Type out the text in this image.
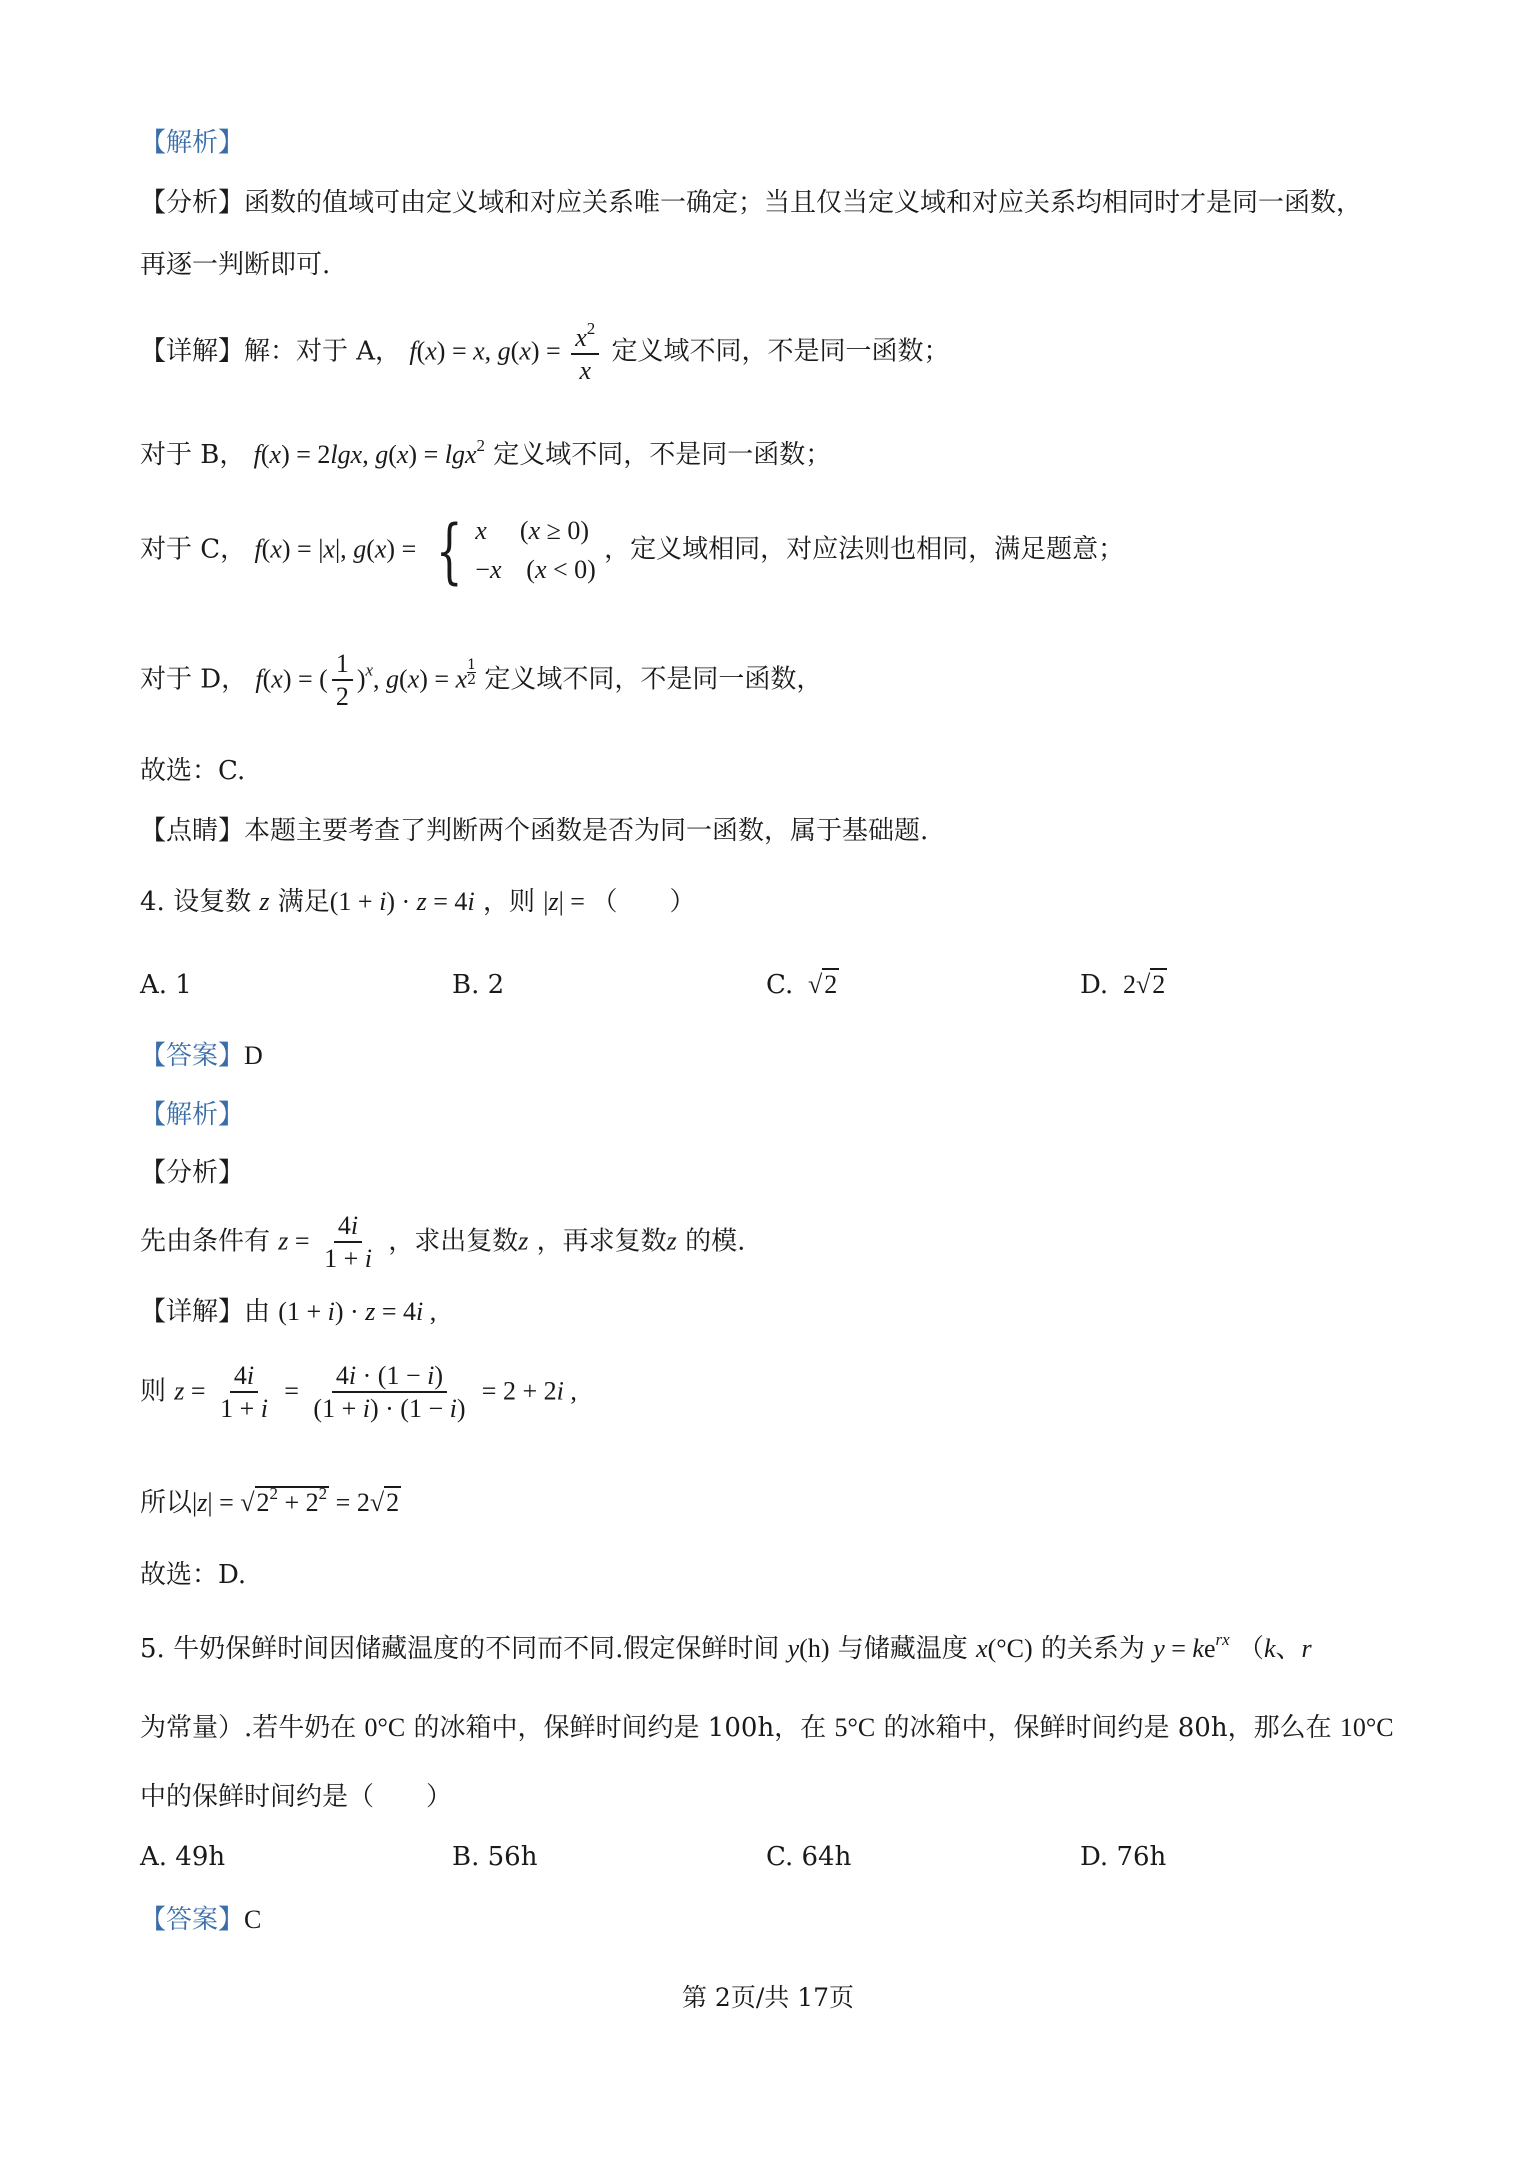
【解析】
【分析】函数的值域可由定义域和对应关系唯一确定；当且仅当定义域和对应关系均相同时才是同一函数，
再逐一判断即可.
【详解】解：对于 A， f(x) = x, $g(x) = \frac{x^2}{x}$ 定义域不同，不是同一函数；
对于 B， f(x) = 2lgx, g(x) = lgx$^2$ 定义域不同，不是同一函数；
对于 C， f(x) = |x|, g(x) = { x (x ≥ 0)
−x (x < 0)
，定义域相同，对应法则也相同，满足题意；
对于 D， f(x) = ( $\frac{1}{2} )^x$, g(x) = x $\frac{1}{2}$ 定义域不同，不是同一函数，
故选：C.
【点睛】本题主要考查了判断两个函数是否为同一函数，属于基础题.
4. 设复数 z 满足(1 + i) · z = 4i ，则 |z| = （　　）
A. 1	B. 2	C.  √2	D.  2√2
【答案】D
【解析】
【分析】
先由条件有 $z = \frac{4i}{1 + i}$ ，求出复数z ，再求复数z 的模.
【详解】由 (1 + i) · z = 4i ,
则 $z = \frac{4i}{1 + i} = \frac{4i \cdot (1 - i)}{(1 + i) \cdot (1 - i)} = 2 + 2i$ ,
所以$|z| = √2^2 + 2^2 = 2√2$
故选：D.
5. 牛奶保鲜时间因储藏温度的不同而不同.假定保鲜时间 y(h) 与储藏温度 x(°C) 的关系为 $y = ke^{rx}$ （k、r
为常量）.若牛奶在 0°C 的冰箱中，保鲜时间约是 100h，在 5°C 的冰箱中，保鲜时间约是 80h，那么在 10°C
中的保鲜时间约是（　　）
A. 49h	B. 56h	C. 64h	D. 76h
【答案】C
第 2页/共 17页
